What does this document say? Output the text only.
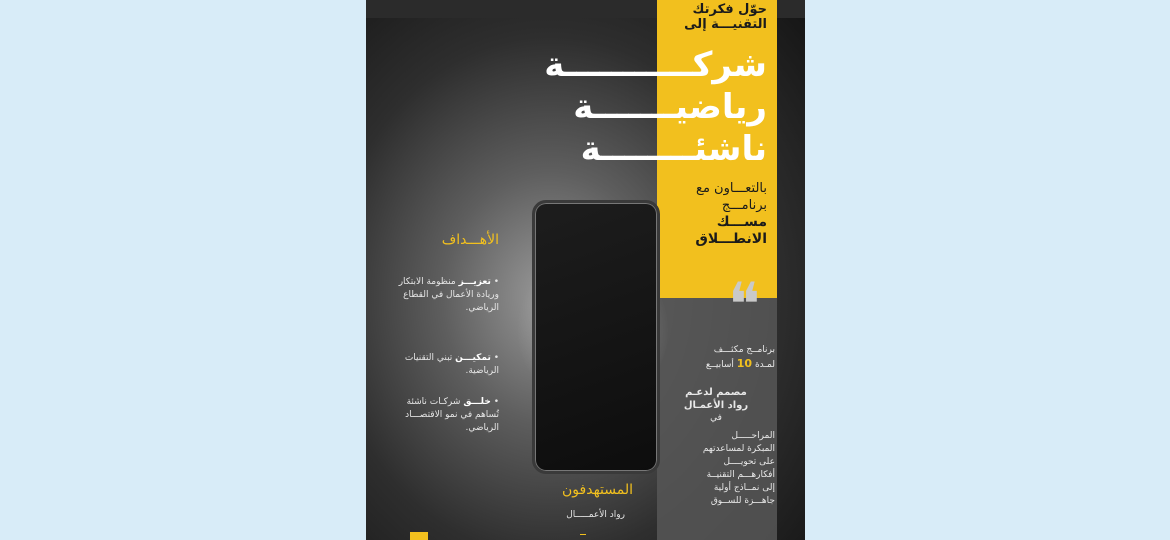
حوّل فكرتك
التقنيـــة إلى
شركـــــــــــة
رياضيـــــــة
ناشئــــــــة
بالتعـــاون مع
برنامـــج
مســـك
الانطـــلاق
❝
برنامــج مكثـــف
لمـدة 10 أسابيــع
مصمم لدعـم
رواد الأعمـال
في
المراحـــــل
المبكرة لمساعدتهم
على تحويــــل
أفكارهـــم التقنيــة
إلى نمــاذج أولية
جاهـــزة للســوق
الأهـــداف
• تعزيـــز منظومة الابتكار وريادة الأعمال في القطاع الرياضي.
• تمكيـــن تبني التقنيات الرياضية.
• خلـــق شركـات ناشئة تُساهم في نمو الاقتصـــاد الرياضي.
المستهدفون
رواد الأعمـــــال
